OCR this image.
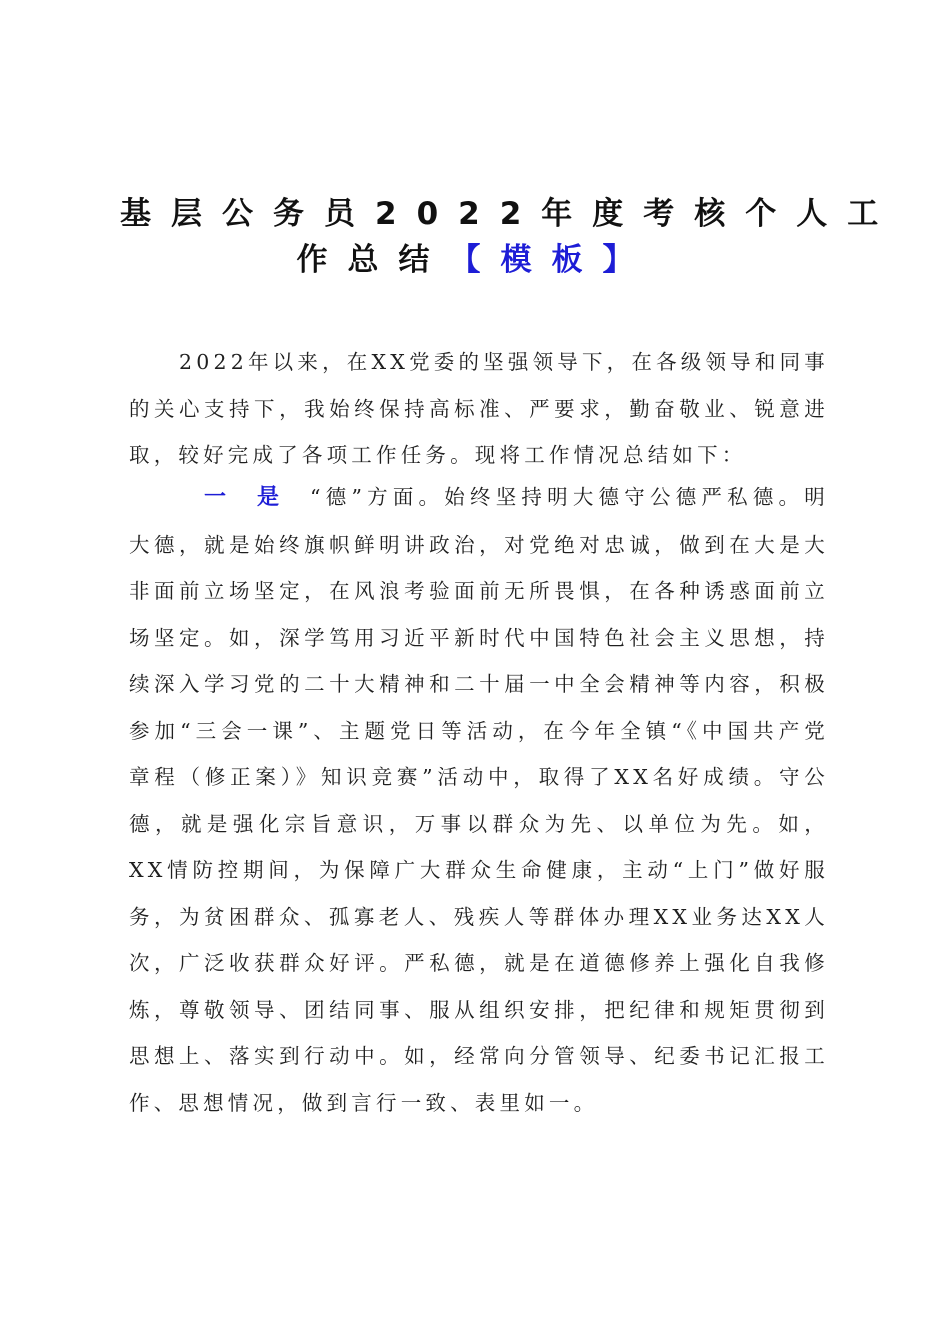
基层公务员2022年度考核个人工
作总结【模板】

2022年以来，在XX党委的坚强领导下，在各级领导和同事的关心支持下，我始终保持高标准、严要求，勤奋敬业、锐意进取，较好完成了各项工作任务。现将工作情况总结如下：

一是“德”方面。始终坚持明大德守公德严私德。明大德，就是始终旗帜鲜明讲政治，对党绝对忠诚，做到在大是大非面前立场坚定，在风浪考验面前无所畏惧，在各种诱惑面前立场坚定。如，深学笃用习近平新时代中国特色社会主义思想，持续深入学习党的二十大精神和二十届一中全会精神等内容，积极参加“三会一课”、主题党日等活动，在今年全镇“《中国共产党章程（修正案）》知识竞赛”活动中，取得了XX名好成绩。守公德，就是强化宗旨意识，万事以群众为先、以单位为先。如，XX情防控期间，为保障广大群众生命健康，主动“上门”做好服务，为贫困群众、孤寡老人、残疾人等群体办理XX业务达XX人次，广泛收获群众好评。严私德，就是在道德修养上强化自我修炼，尊敬领导、团结同事、服从组织安排，把纪律和规矩贯彻到思想上、落实到行动中。如，经常向分管领导、纪委书记汇报工作、思想情况，做到言行一致、表里如一。
